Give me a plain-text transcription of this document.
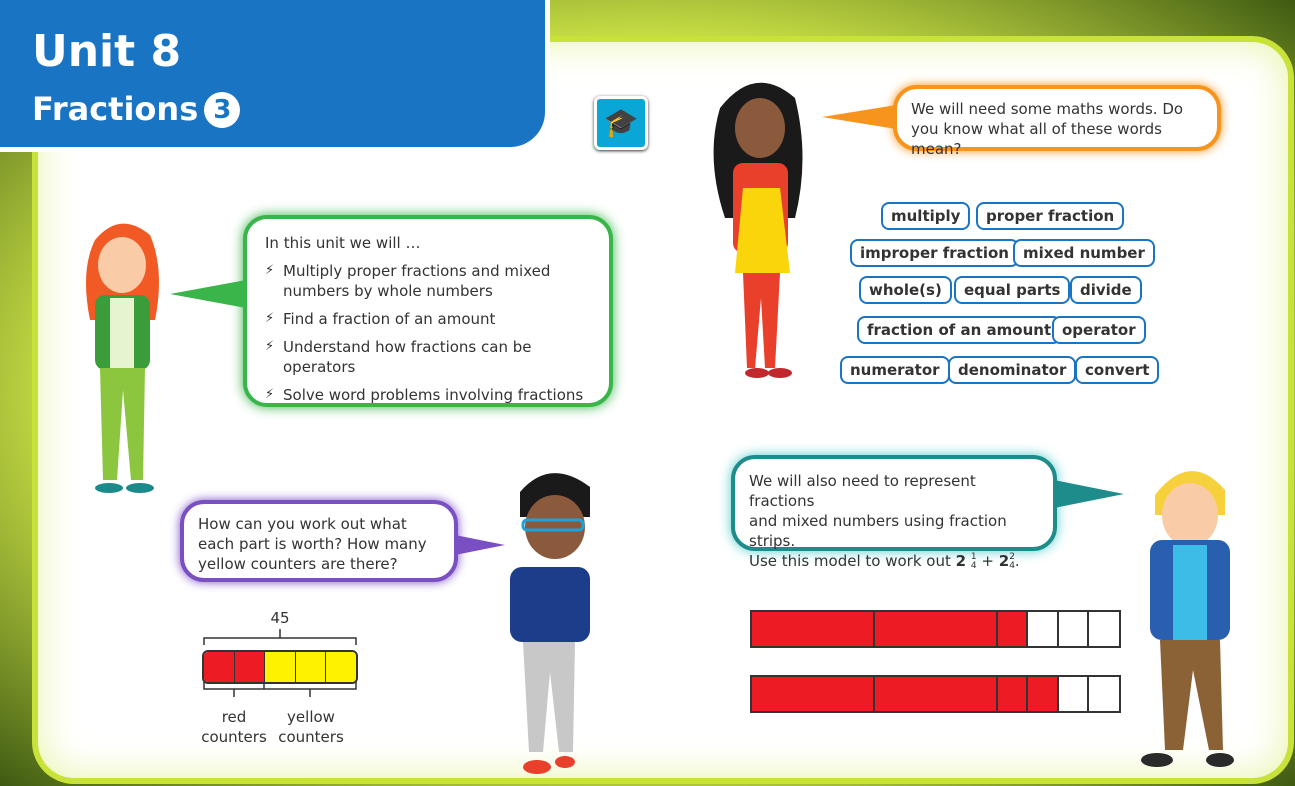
Unit 8
Fractions 3	🎓
In this unit we will …
⚡ Multiply proper fractions and mixed numbers by whole numbers
⚡ Find a fraction of an amount
⚡ Understand how fractions can be operators
⚡ Solve word problems involving fractions
We will need some maths words. Do you know what all of these words mean?
multiply	proper fraction
improper fraction mixed number
whole(s)	equal parts	divide
fraction of an amount operator
numerator	denominator	convert
How can you work out what each part is worth? How many yellow counters are there?
45
red counters
yellow counters
We will also need to represent fractions
and mixed numbers using fraction strips.
Use this model to work out 2 1
4 + 22
4.
